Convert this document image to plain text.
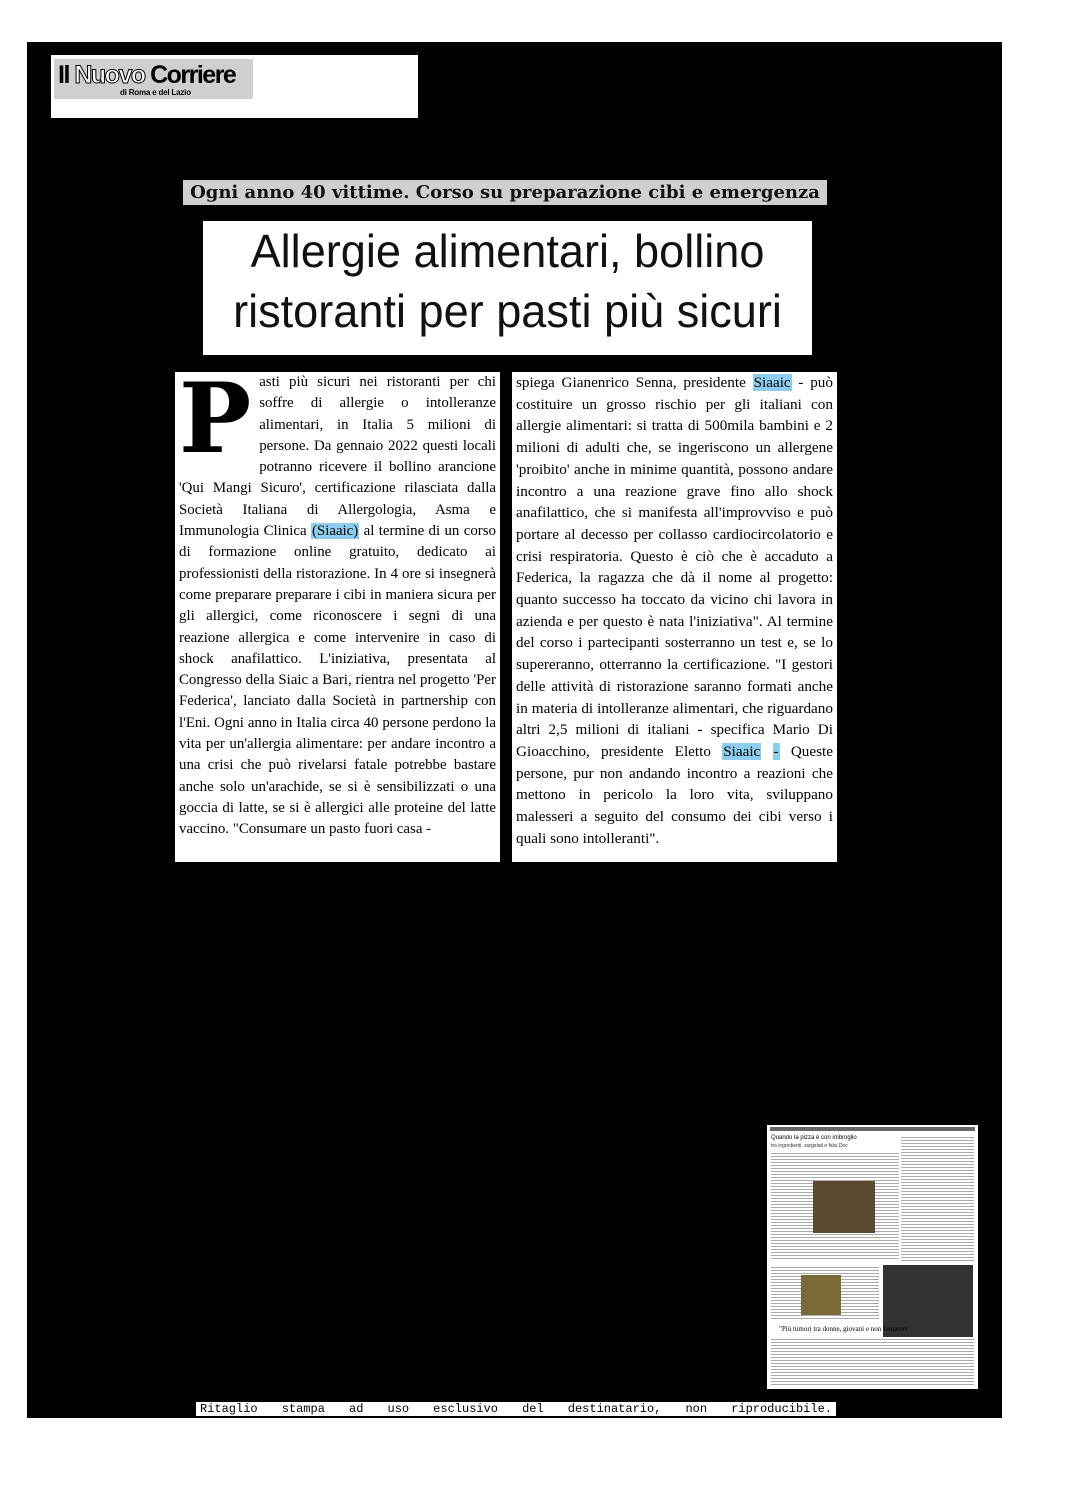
Il Nuovo Corriere
di Roma e del Lazio
Ogni anno 40 vittime. Corso su preparazione cibi e emergenza
Allergie alimentari, bollino
ristoranti per pasti più sicuri

Pasti più sicuri nei ristoranti per chi soffre di allergie o intolleranze alimentari, in Italia 5 milioni di persone. Da gennaio 2022 questi locali potranno ricevere il bollino arancione 'Qui Mangi Sicuro', certificazione rilasciata dalla Società Italiana di Allergologia, Asma e Immunologia Clinica (Siaaic) al termine di un corso di formazione online gratuito, dedicato ai professionisti della ristorazione. In 4 ore si insegnerà come preparare preparare i cibi in maniera sicura per gli allergici, come riconoscere i segni di una reazione allergica e come intervenire in caso di shock anafilattico. L'iniziativa, presentata al Congresso della Siaic a Bari, rientra nel progetto 'Per Federica', lanciato dalla Società in partnership con l'Eni. Ogni anno in Italia circa 40 persone perdono la vita per un'allergia alimentare: per andare incontro a una crisi che può rivelarsi fatale potrebbe bastare anche solo un'arachide, se si è sensibilizzati o una goccia di latte, se si è allergici alle proteine del latte vaccino. "Consumare un pasto fuori casa -

spiega Gianenrico Senna, presidente Siaaic - può costituire un grosso rischio per gli italiani con allergie alimentari: si tratta di 500mila bambini e 2 milioni di adulti che, se ingeriscono un allergene 'proibito' anche in minime quantità, possono andare incontro a una reazione grave fino allo shock anafilattico, che si manifesta all'improvviso e può portare al decesso per collasso cardiocircolatorio e crisi respiratoria. Questo è ciò che è accaduto a Federica, la ragazza che dà il nome al progetto: quanto successo ha toccato da vicino chi lavora in azienda e per questo è nata l'iniziativa". Al termine del corso i partecipanti sosterranno un test e, se lo supereranno, otterranno la certificazione. "I gestori delle attività di ristorazione saranno formati anche in materia di intolleranze alimentari, che riguardano altri 2,5 milioni di italiani - specifica Mario Di Gioacchino, presidente Eletto Siaaic - Queste persone, pur non andando incontro a reazioni che mettono in pericolo la loro vita, sviluppano malesseri a seguito del consumo dei cibi verso i quali sono intolleranti".

Quando la pizza è con imbroglio
tra ingredienti, surgelati e falsi Doc
"Più tumori tra donne, giovani e non fumatori"
Ritaglio stampa ad uso esclusivo del destinatario, non riproducibile.
